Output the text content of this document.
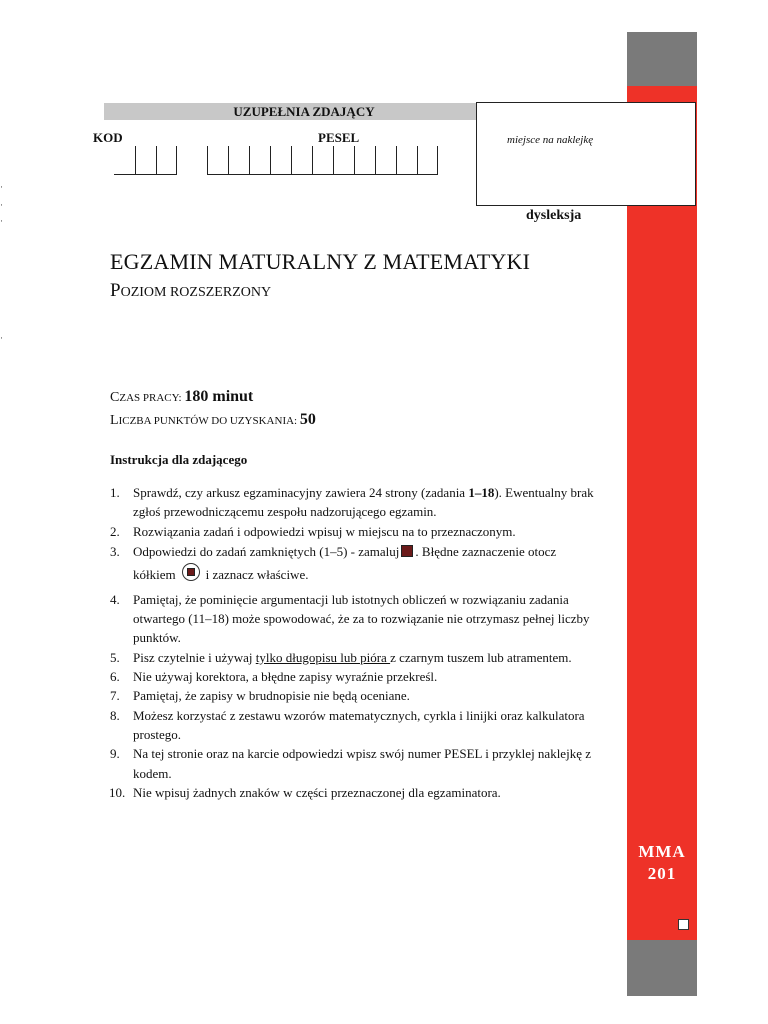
MMA
201
UZUPEŁNIA ZDAJĄCY
KOD	PESEL	miejsce na naklejkę
dysleksja
·
·
·
·
EGZAMIN MATURALNY Z MATEMATYKI
POZIOM ROZSZERZONY
CZAS PRACY: 180 minut
LICZBA PUNKTÓW DO UZYSKANIA: 50
Instrukcja dla zdającego
1. Sprawdź, czy arkusz egzaminacyjny zawiera 24 strony (zadania 1–18). Ewentualny brak zgłoś przewodniczącemu zespołu nadzorującego egzamin.
2. Rozwiązania zadań i odpowiedzi wpisuj w miejscu na to przeznaczonym.
3. Odpowiedzi do zadań zamkniętych (1–5) - zamaluj . Błędne zaznaczenie otocz kółkiem i zaznacz właściwe.
4. Pamiętaj, że pominięcie argumentacji lub istotnych obliczeń w rozwiązaniu zadania otwartego (11–18) może spowodować, że za to rozwiązanie nie otrzymasz pełnej liczby punktów.
5. Pisz czytelnie i używaj tylko długopisu lub pióra z czarnym tuszem lub atramentem.
6. Nie używaj korektora, a błędne zapisy wyraźnie przekreśl.
7. Pamiętaj, że zapisy w brudnopisie nie będą oceniane.
8. Możesz korzystać z zestawu wzorów matematycznych, cyrkla i linijki oraz kalkulatora prostego.
9. Na tej stronie oraz na karcie odpowiedzi wpisz swój numer PESEL i przyklej naklejkę z kodem.
10. Nie wpisuj żadnych znaków w części przeznaczonej dla egzaminatora.
